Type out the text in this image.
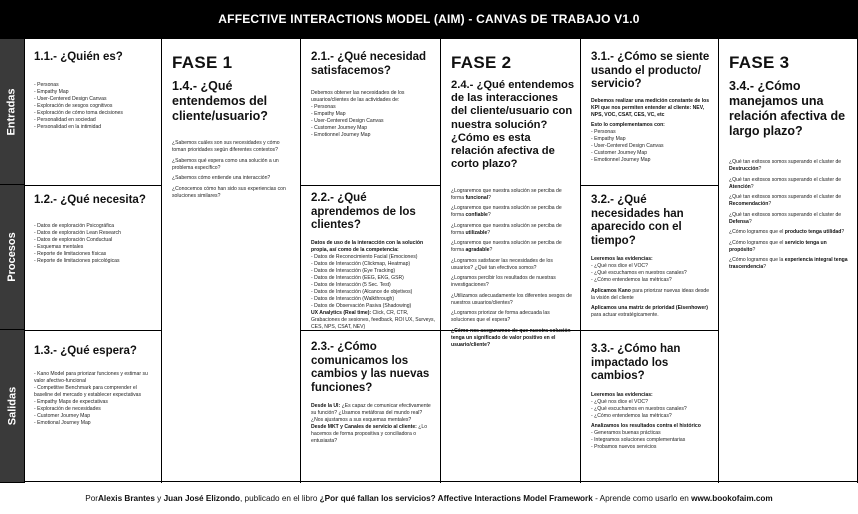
AFFECTIVE INTERACTIONS MODEL (AIM) - CANVAS DE TRABAJO V1.0
Entradas
Procesos
Salidas
1.1.- ¿Quién es?
- Personas
- Empathy Map
- User-Centered Design Canvas
- Exploración de sesgos cognitivos
- Exploración de cómo toma decisiones
- Personalidad en sociedad
- Personalidad en la intimidad
1.2.- ¿Qué necesita?
- Datos de exploración Psicográfica
- Datos de exploración Lean Research
- Datos de exploración Conductual
- Esquemas mentales
- Reporte de limitaciones físicas
- Reporte de limitaciones psicológicas
1.3.- ¿Qué espera?
- Kano Model para priorizar funciones y estimar su valor afectivo-funcional
- Competitive Benchmark para comprender el baseline del mercado y establecer expectativas
- Empathy Maps de expectativas
- Exploración de necesidades
- Customer Journey Map
- Emotional Journey Map
FASE 1
1.4.- ¿Qué entendemos del cliente/usuario?

¿Sabemos cuáles son sus necesidades y cómo toman prioridades según diferentes contextos?

¿Sabemos qué espera como una solución a un problema específico?

¿Sabemos cómo entiende una interacción?

¿Conocemos cómo han sido sus experiencias con soluciones similares?

2.1.- ¿Qué necesidad satisfacemos?
Debemos obtener las necesidades de los usuarios/clientes de las actividades de:
- Personas
- Empathy Map
- User-Centered Design Canvas
- Customer Journey Map
- Emotionnel Journey Map
2.2.- ¿Qué aprendemos de los clientes?
Datos de uso de la interacción con la solución propia, así como de la competencia:
- Datos de Reconocimiento Facial (Emociones)
- Datos de Interacción (Clickmap, Heatmap)
- Datos de Interacción (Eye Tracking)
- Datos de Interacción (EEG, EKG, GSR)
- Datos de Interacción (5 Sec. Test)
- Datos de Interacción (Alcance de objetivos)
- Datos de Interacción (Walkthrough)
- Datos de Observación Pasiva (Shadowing)
UX Analytics (Real time): Click, CR, CTR, Grabaciones de sesiones, feedback, ROI UX, Surveys, CES, NPS, CSAT, NEV)
2.3.- ¿Cómo comunicamos los cambios y las nuevas funciones?
Desde la UI: ¿Es capaz de comunicar efectivamente su función? ¿Usamos metáforas del mundo real? ¿Nos ajustamos a sus esquemas mentales?
Desde MKT y Canales de servicio al cliente: ¿Lo hacemos de forma propositiva y conciliadora o entusiasta?
FASE 2
2.4.- ¿Qué entendemos de las interacciones del cliente/usuario con nuestra solución? ¿Cómo es esta relación afectiva de corto plazo?

¿Lograremos que nuestra solución se perciba de forma funcional?

¿Lograremos que nuestra solución se perciba de forma confiable?

¿Lograremos que nuestra solución se perciba de forma utilizable?

¿Lograremos que nuestra solución se perciba de forma agradable?

¿Logramos satisfacer las necesidades de los usuarios? ¿Qué tan efectivos somos?

¿Logramos percibir los resultados de nuestras investigaciones?

¿Utilizamos adecuadamente los diferentes sesgos de nuestros usuarios/clientes?

¿Logramos priorizar de forma adecuada las soluciones que el espera?

¿Cómo nos aseguramos de que nuestra solución tenga un significado de valor positivo en el usuario/cliente?

3.1.- ¿Cómo se siente usando el producto/ servicio?

Debemos realizar una medición constante de los KPI que nos permiten entender al cliente: NEV, NPS, VOC, CSAT, CES, VC, etc

Esto lo complementamos con:
- Personas
- Empathy Map
- User-Centered Design Canvas
- Customer Journey Map
- Emotionnel Journey Map
3.2.- ¿Qué necesidades han aparecido con el tiempo?
Leeremos las evidencias:
- ¿Qué nos dice el VOC?
- ¿Qué escuchamos en nuestros canales?
- ¿Cómo entendemos las métricas?

Aplicamos Kano para priorizar nuevas ideas desde la visión del cliente

Aplicamos una matriz de prioridad (Eisenhower) para actuar estratégicamente.

3.3.- ¿Cómo han impactado los cambios?
Leeremos las evidencias:
- ¿Qué nos dice el VOC?
- ¿Qué escuchamos en nuestros canales?
- ¿Cómo entendemos las métricas?
Analizamos los resultados contra el histórico
- Generamos buenas prácticas
- Integramos soluciones complementarias
- Probamos nuevos servicios
FASE 3
3.4.- ¿Cómo manejamos una relación afectiva de largo plazo?

¿Qué tan exitosos somos superando el cluster de Destrucción?

¿Qué tan exitosos somos superando el cluster de Atención?

¿Qué tan exitosos somos superando el cluster de Recomendación?

¿Qué tan exitosos somos superando el cluster de Defensa?

¿Cómo logramos que el producto tenga utilidad?

¿Cómo logramos que el servicio tenga un propósito?

¿Cómo logramos que la experiencia integral tenga trascendencia?

Por Alexis Brantes y Juan José Elizondo , publicado en el libro ¿Por qué fallan los servicios? Affective Interactions Model Framework - Aprende como usarlo en www.bookofaim.com
